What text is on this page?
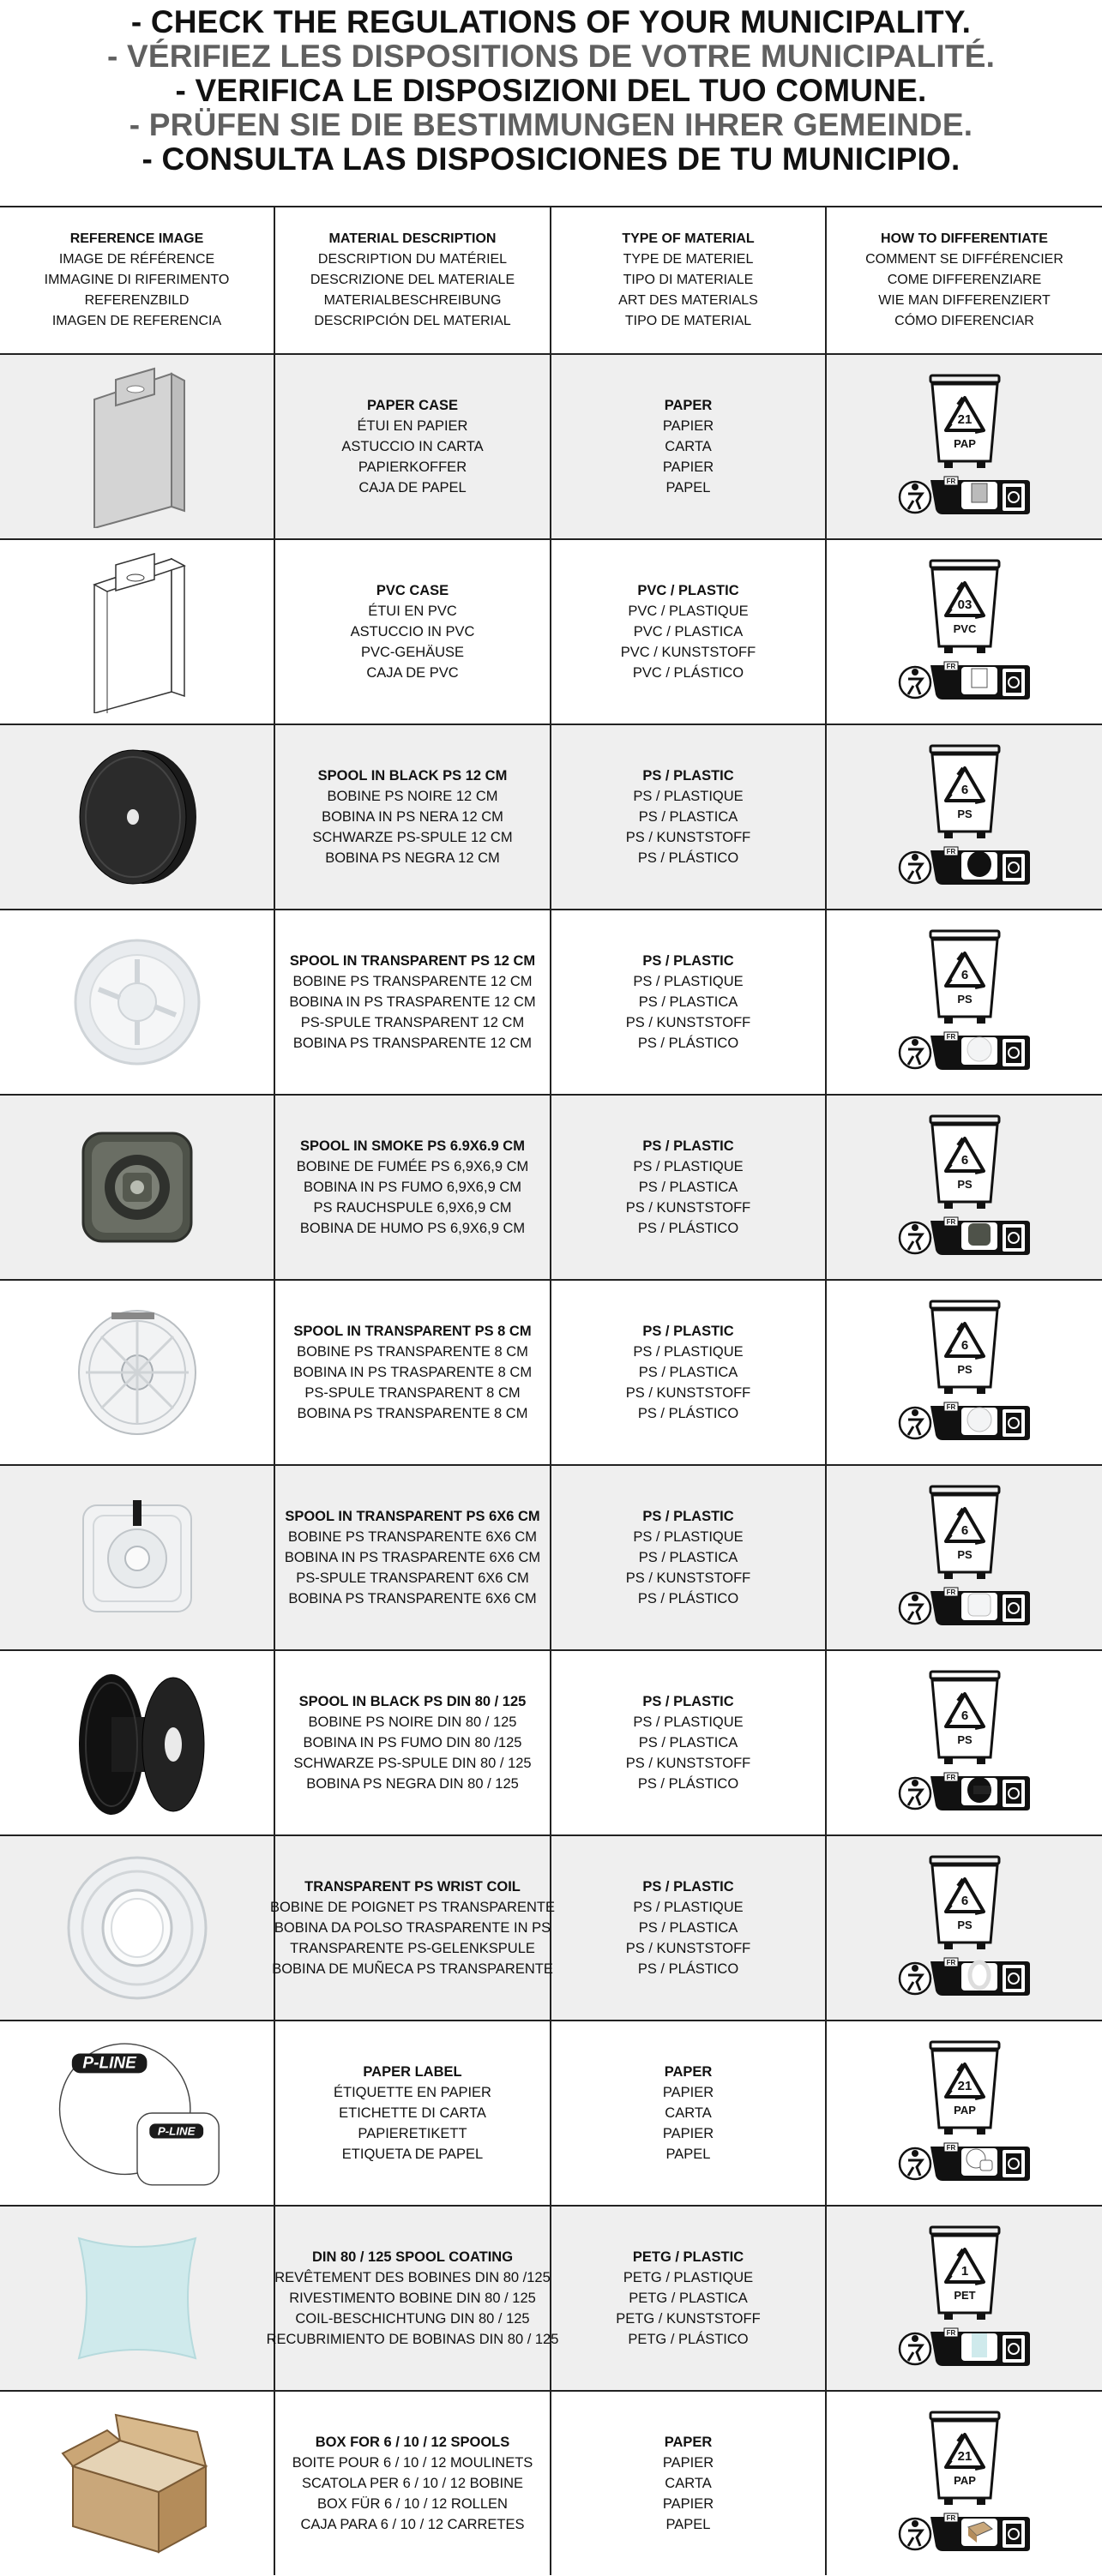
- CHECK THE REGULATIONS OF YOUR MUNICIPALITY.
- VÉRIFIEZ LES DISPOSITIONS DE VOTRE MUNICIPALITÉ.
- VERIFICA LE DISPOSIZIONI DEL TUO COMUNE.
- PRÜFEN SIE DIE BESTIMMUNGEN IHRER GEMEINDE.
- CONSULTA LAS DISPOSICIONES DE TU MUNICIPIO.
REFERENCE IMAGE
IMAGE DE RÉFÉRENCE
IMMAGINE DI RIFERIMENTO
REFERENZBILD
IMAGEN DE REFERENCIA
MATERIAL DESCRIPTION
DESCRIPTION DU MATÉRIEL
DESCRIZIONE DEL MATERIALE
MATERIALBESCHREIBUNG
DESCRIPCIÓN DEL MATERIAL
TYPE OF MATERIAL
TYPE DE MATERIEL
TIPO DI MATERIALE
ART DES MATERIALS
TIPO DE MATERIAL
HOW TO DIFFERENTIATE
COMMENT SE DIFFÉRENCIER
COME DIFFERENZIARE
WIE MAN DIFFERENZIERT
CÓMO DIFERENCIAR
PAPER CASE
ÉTUI EN PAPIER
ASTUCCIO IN CARTA
PAPIERKOFFER
CAJA DE PAPEL
PAPER
PAPIER
CARTA
PAPIER
PAPEL
21
PAP
FR
PVC CASE
ÉTUI EN PVC
ASTUCCIO IN PVC
PVC-GEHÄUSE
CAJA DE PVC
PVC / PLASTIC
PVC / PLASTIQUE
PVC / PLASTICA
PVC / KUNSTSTOFF
PVC / PLÁSTICO
03
PVC
FR
SPOOL IN BLACK PS 12 CM
BOBINE PS NOIRE 12 CM
BOBINA IN PS NERA 12 CM
SCHWARZE PS-SPULE 12 CM
BOBINA PS NEGRA 12 CM
PS / PLASTIC
PS / PLASTIQUE
PS / PLASTICA
PS / KUNSTSTOFF
PS / PLÁSTICO
6
PS
FR
SPOOL IN TRANSPARENT PS 12 CM
BOBINE PS TRANSPARENTE 12 CM
BOBINA IN PS TRASPARENTE 12 CM
PS-SPULE TRANSPARENT 12 CM
BOBINA PS TRANSPARENTE 12 CM
PS / PLASTIC
PS / PLASTIQUE
PS / PLASTICA
PS / KUNSTSTOFF
PS / PLÁSTICO
6
PS
FR
SPOOL IN SMOKE PS 6.9X6.9 CM
BOBINE DE FUMÉE PS 6,9X6,9 CM
BOBINA IN PS FUMO 6,9X6,9 CM
PS RAUCHSPULE 6,9X6,9 CM
BOBINA DE HUMO PS 6,9X6,9 CM
PS / PLASTIC
PS / PLASTIQUE
PS / PLASTICA
PS / KUNSTSTOFF
PS / PLÁSTICO
6
PS
FR
SPOOL IN TRANSPARENT PS 8 CM
BOBINE PS TRANSPARENTE 8 CM
BOBINA IN PS TRASPARENTE 8 CM
PS-SPULE TRANSPARENT 8 CM
BOBINA PS TRANSPARENTE 8 CM
PS / PLASTIC
PS / PLASTIQUE
PS / PLASTICA
PS / KUNSTSTOFF
PS / PLÁSTICO
6
PS
FR
SPOOL IN TRANSPARENT PS 6X6 CM
BOBINE PS TRANSPARENTE 6X6 CM
BOBINA IN PS TRASPARENTE 6X6 CM
PS-SPULE TRANSPARENT 6X6 CM
BOBINA PS TRANSPARENTE 6X6 CM
PS / PLASTIC
PS / PLASTIQUE
PS / PLASTICA
PS / KUNSTSTOFF
PS / PLÁSTICO
6
PS
FR
SPOOL IN BLACK PS DIN 80 / 125
BOBINE PS NOIRE DIN 80 / 125
BOBINA IN PS FUMO DIN 80 /125
SCHWARZE PS-SPULE DIN 80 / 125
BOBINA PS NEGRA DIN 80 / 125
PS / PLASTIC
PS / PLASTIQUE
PS / PLASTICA
PS / KUNSTSTOFF
PS / PLÁSTICO
6
PS
FR
TRANSPARENT PS WRIST COIL
BOBINE DE POIGNET PS TRANSPARENTE
BOBINA DA POLSO TRASPARENTE IN PS
TRANSPARENTE PS-GELENKSPULE
BOBINA DE MUÑECA PS TRANSPARENTE
PS / PLASTIC
PS / PLASTIQUE
PS / PLASTICA
PS / KUNSTSTOFF
PS / PLÁSTICO
6
PS
FR
P-LINE
P-LINE
PAPER LABEL
ÉTIQUETTE EN PAPIER
ETICHETTE DI CARTA
PAPIERETIKETT
ETIQUETA DE PAPEL
PAPER
PAPIER
CARTA
PAPIER
PAPEL
21
PAP
FR
DIN 80 / 125 SPOOL COATING
REVÊTEMENT DES BOBINES DIN 80 /125
RIVESTIMENTO BOBINE DIN 80 / 125
COIL-BESCHICHTUNG DIN 80 / 125
RECUBRIMIENTO DE BOBINAS DIN 80 / 125
PETG / PLASTIC
PETG / PLASTIQUE
PETG / PLASTICA
PETG / KUNSTSTOFF
PETG / PLÁSTICO
1
PET
FR
BOX FOR 6 / 10 / 12 SPOOLS
BOITE POUR 6 / 10 / 12 MOULINETS
SCATOLA PER 6 / 10 / 12 BOBINE
BOX FÜR 6 / 10 / 12 ROLLEN
CAJA PARA 6 / 10 / 12 CARRETES
PAPER
PAPIER
CARTA
PAPIER
PAPEL
21
PAP
FR
